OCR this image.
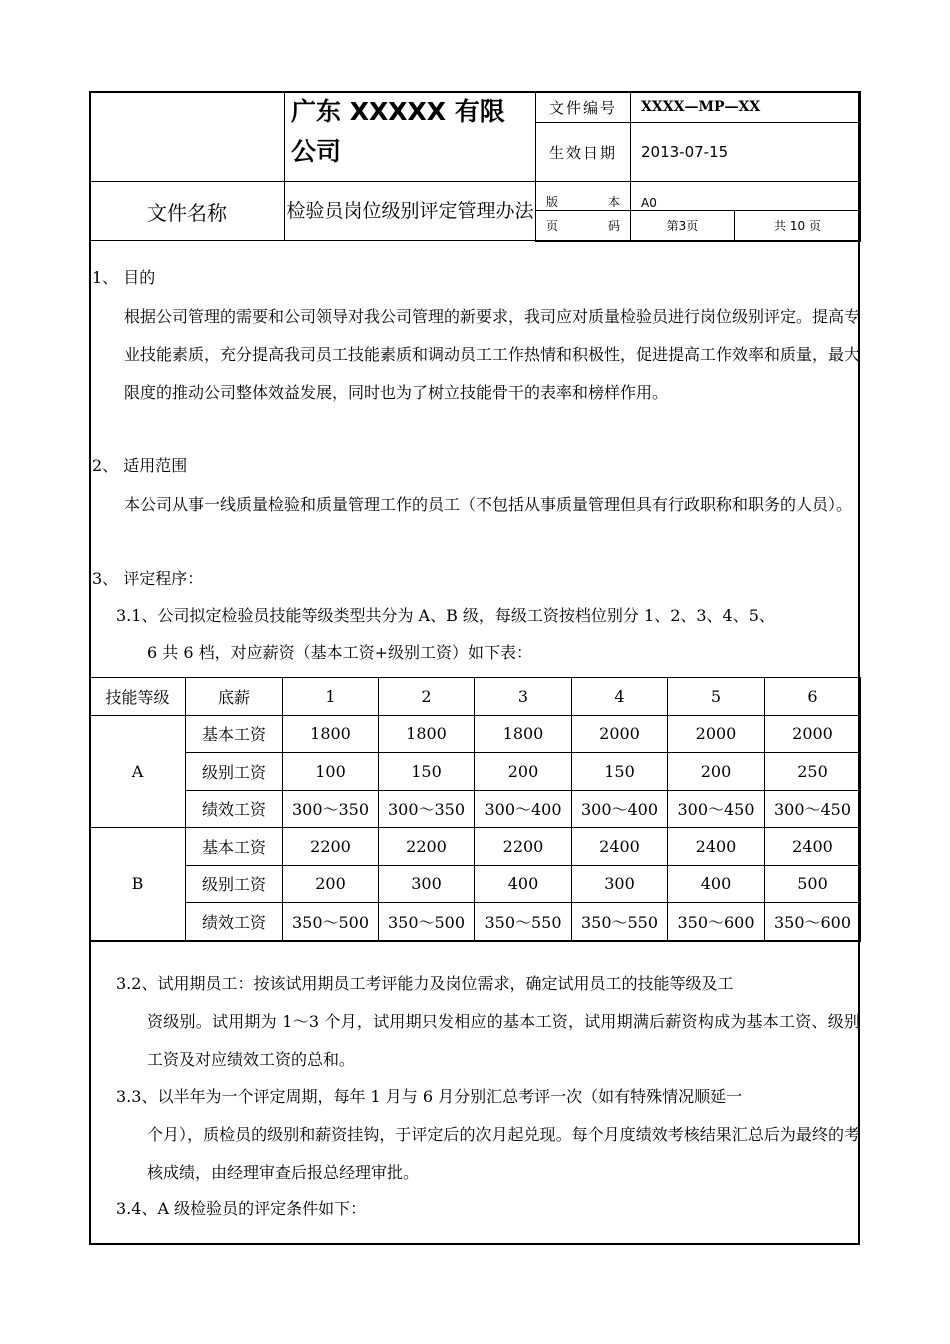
	广东 XXXXX 有限公司	文件编号	XXXX—MP—XX	
		生效日期	2013-07-15	
文件名称	检验员岗位级别评定管理办法	版 本	A0	

		页 码	第3页	共 10 页
1、 目的
根据公司管理的需要和公司领导对我公司管理的新要求，我司应对质量检验员进行岗位级别评定。提高专业技能素质，充分提高我司员工技能素质和调动员工工作热情和积极性，促进提高工作效率和质量，最大限度的推动公司整体效益发展，同时也为了树立技能骨干的表率和榜样作用。
2、 适用范围
本公司从事一线质量检验和质量管理工作的员工（不包括从事质量管理但具有行政职称和职务的人员）。
3、 评定程序：
3.1、公司拟定检验员技能等级类型共分为 A、B 级，每级工资按档位别分 1、2、3、4、5、
6 共 6 档，对应薪资（基本工资+级别工资）如下表：
技能等级	底薪	1	2	3	4	5	6
A	基本工资	1800	1800	1800	2000	2000	2000
	级别工资	100	150	200	150	200	250
	绩效工资	300～350	300～350	300～400	300～400	300～450	300～450
B	基本工资	2200	2200	2200	2400	2400	2400
	级别工资	200	300	400	300	400	500
	绩效工资	350～500	350～500	350～550	350～550	350～600	350～600
3.2、试用期员工：按该试用期员工考评能力及岗位需求，确定试用员工的技能等级及工
资级别。试用期为 1～3 个月，试用期只发相应的基本工资，试用期满后薪资构成为基本工资、级别工资及对应绩效工资的总和。
3.3、以半年为一个评定周期，每年 1 月与 6 月分别汇总考评一次（如有特殊情况顺延一
个月），质检员的级别和薪资挂钩，于评定后的次月起兑现。每个月度绩效考核结果汇总后为最终的考核成绩，由经理审查后报总经理审批。
3.4、A 级检验员的评定条件如下：
